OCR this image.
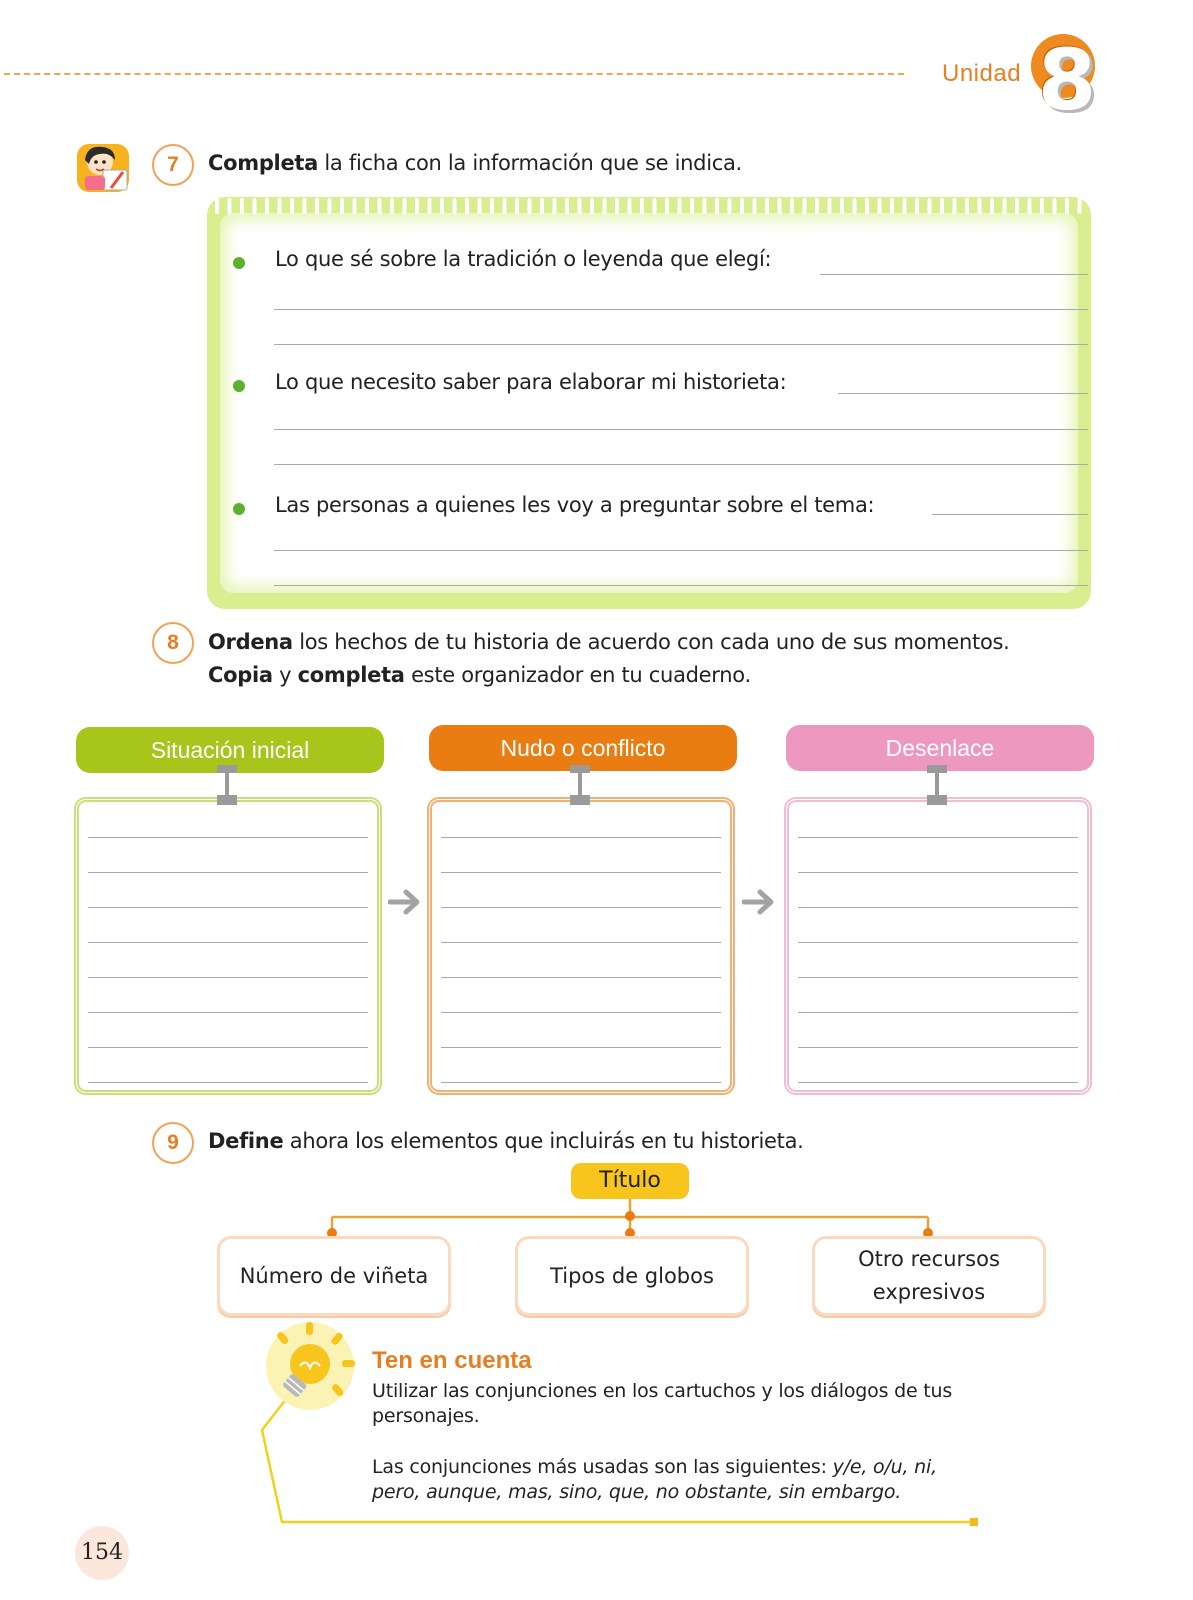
Unidad 8
7	Completa la ficha con la información que se indica.
Lo que sé sobre la tradición o leyenda que elegí:
Lo que necesito saber para elaborar mi historieta:
Las personas a quienes les voy a preguntar sobre el tema:
8	Ordena los hechos de tu historia de acuerdo con cada uno de sus momentos.
Copia y completa este organizador en tu cuaderno.
Situación inicial	Nudo o conflicto	Desenlace
9	Define ahora los elementos que incluirás en tu historieta.
Título
Número de viñeta	Tipos de globos
Otro recursos expresivos
Ten en cuenta
Utilizar las conjunciones en los cartuchos y los diálogos de tus personajes.
Las conjunciones más usadas son las siguientes: y/e, o/u, ni, pero, aunque, mas, sino, que, no obstante, sin embargo.
154
